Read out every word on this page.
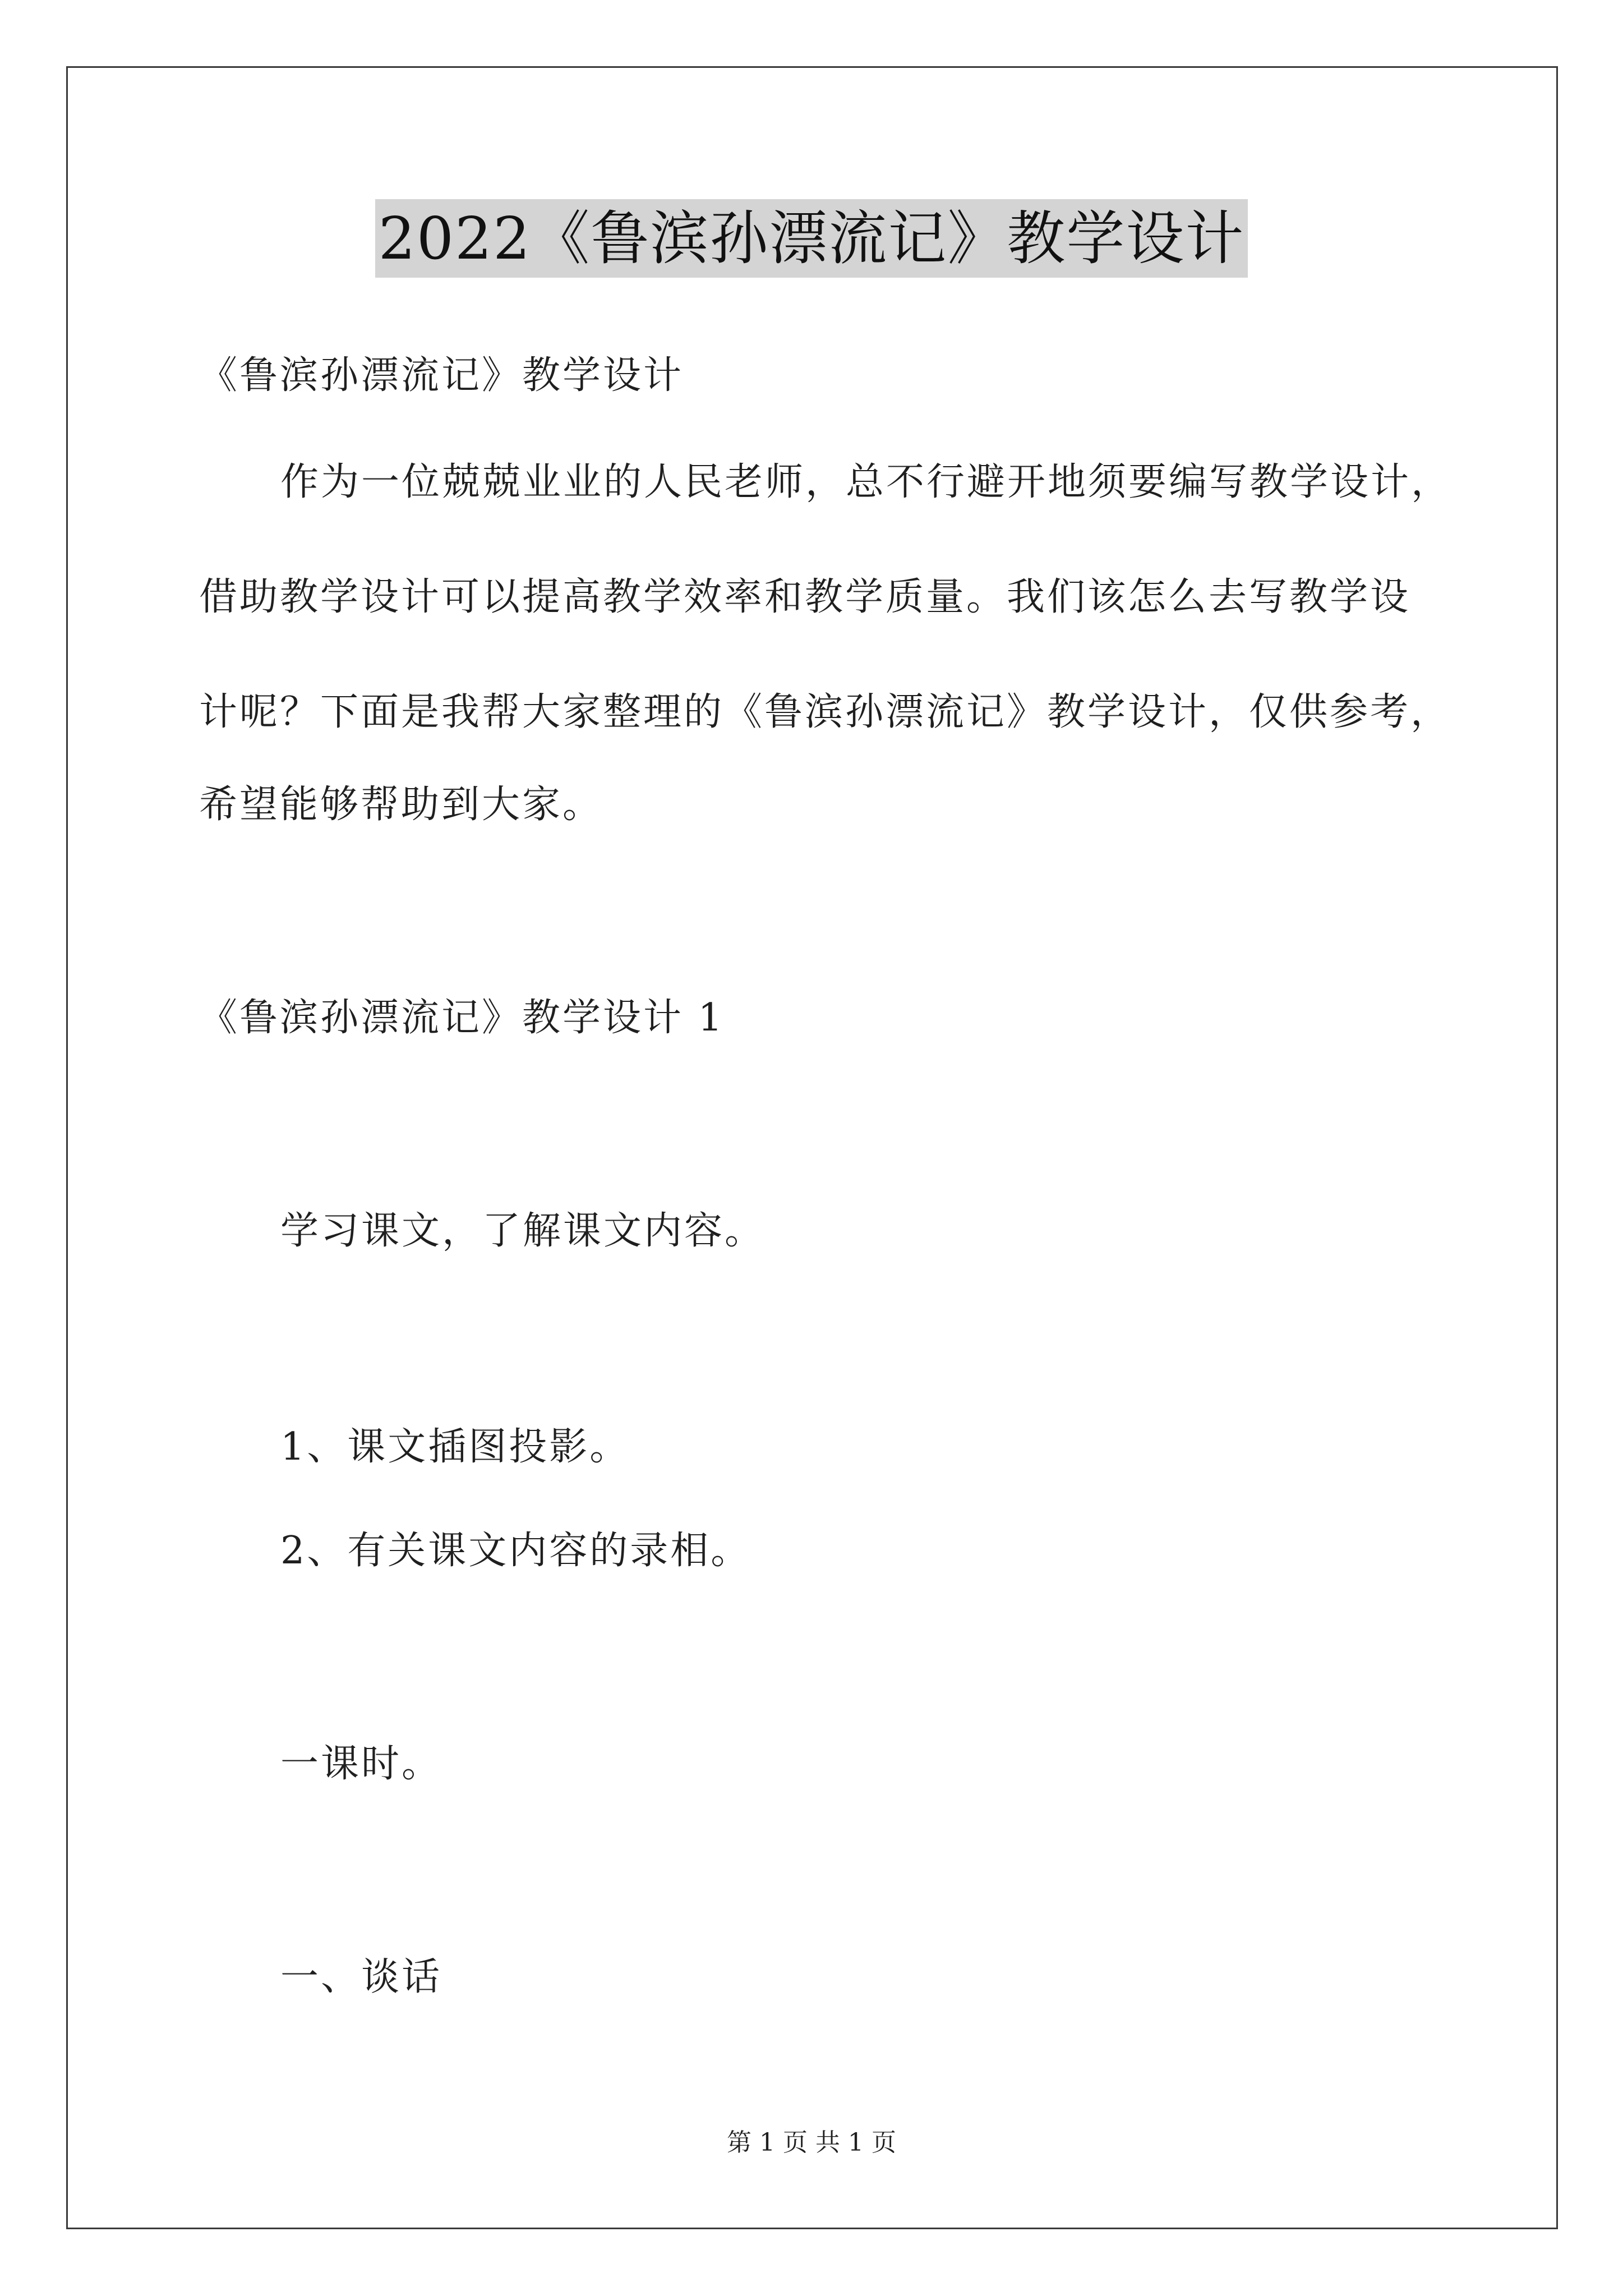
2022《鲁滨孙漂流记》教学设计
《鲁滨孙漂流记》教学设计
作为一位兢兢业业的人民老师，总不行避开地须要编写教学设计，
借助教学设计可以提高教学效率和教学质量。我们该怎么去写教学设
计呢？下面是我帮大家整理的《鲁滨孙漂流记》教学设计，仅供参考，
希望能够帮助到大家。
《鲁滨孙漂流记》教学设计 1
学习课文，了解课文内容。
1、课文插图投影。
2、有关课文内容的录相。
一课时。
一、谈话
第 1 页 共 1 页
